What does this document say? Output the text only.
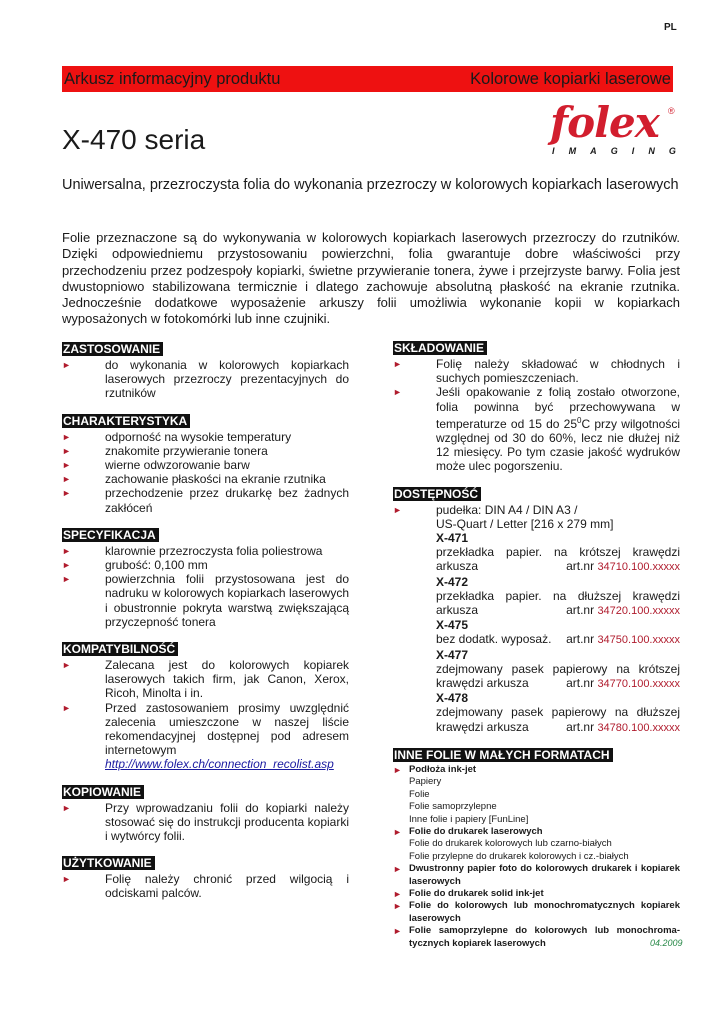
PL
Arkusz informacyjny produktu	Kolorowe kopiarki laserowe
X-470 seria	folex ®
I M A G I N G
Uniwersalna, przezroczysta folia do wykonania przezroczy w kolorowych kopiarkach laserowych
Folie przeznaczone są do wykonywania w kolorowych kopiarkach laserowych przezroczy do rzutników. Dzięki odpowiedniemu przystosowaniu powierzchni, folia gwarantuje dobre właściwości przy przechodzeniu przez podzespoły kopiarki, świetne przywieranie tonera, żywe i przejrzyste barwy. Folia jest dwustopniowo stabilizowana termicznie i dlatego zachowuje absolutną płaskość na ekranie rzutnika. Jednocześnie dodatkowe wyposażenie arkuszy folii umożliwia wykonanie kopii w kopiarkach wyposażonych w fotokomórki lub inne czujniki.
ZASTOSOWANIE
► do wykonania w kolorowych kopiarkach laserowych przezroczy prezentacyjnych do rzutników
CHARAKTERYSTYKA
► odporność na wysokie temperatury
► znakomite przywieranie tonera
► wierne odwzorowanie barw
► zachowanie płaskości na ekranie rzutnika
► przechodzenie przez drukarkę bez żadnych zakłóceń
SPECYFIKACJA
► klarownie przezroczysta folia poliestrowa
► grubość: 0,100 mm
► powierzchnia folii przystosowana jest do nadruku w kolorowych kopiarkach laserowych i obustronnie pokryta warstwą zwiększającą przyczepność tonera
KOMPATYBILNOŚĆ
► Zalecana jest do kolorowych kopiarek laserowych takich firm, jak Canon, Xerox, Ricoh, Minolta i in.
► Przed zastosowaniem prosimy uwzględnić zalecenia umieszczone w naszej liście rekomendacyjnej dostępnej pod adresem internetowym
http://www.folex.ch/connection_recolist.asp
KOPIOWANIE
► Przy wprowadzaniu folii do kopiarki należy stosować się do instrukcji producenta kopiarki i wytwórcy folii.
UŻYTKOWANIE
► Folię należy chronić przed wilgocią i odciskami palców.
SKŁADOWANIE
► Folię należy składować w chłodnych i suchych pomieszczeniach.
► Jeśli opakowanie z folią zostało otworzone, folia powinna być przechowywana w temperaturze od 15 do $25^0C$ przy wilgotności względnej od 30 do 60%, lecz nie dłużej niż 12 miesięcy. Po tym czasie jakość wydruków może ulec pogorszeniu.
DOSTĘPNOŚĆ
► pudełka: DIN A4 / DIN A3 /
US-Quart / Letter [216 x 279 mm]
X-471
przekładka papier. na krótszej krawędzi
arkusza	art.nr 34710.100.xxxxx
X-472
przekładka papier. na dłuższej krawędzi
arkusza	art.nr 34720.100.xxxxx
X-475
bez dodatk. wyposaż. art.nr 34750.100.xxxxx
X-477
zdejmowany pasek papierowy na krótszej
krawędzi arkusza	art.nr 34770.100.xxxxx
X-478
zdejmowany pasek papierowy na dłuższej
krawędzi arkusza	art.nr 34780.100.xxxxx
INNE FOLIE W MAŁYCH FORMATACH
► Podłoża ink-jet
Papiery
Folie
Folie samoprzylepne
Inne folie i papiery [FunLine]
► Folie do drukarek laserowych
Folie do drukarek kolorowych lub czarno-białych
Folie przylepne do drukarek kolorowych i cz.-białych
► Dwustronny papier foto do kolorowych drukarek i kopiarek laserowych
► Folie do drukarek solid ink-jet
► Folie do kolorowych lub monochromatycznych kopiarek laserowych
► Folie samoprzylepne do kolorowych lub monochroma-tycznych kopiarek laserowych	04.2009
